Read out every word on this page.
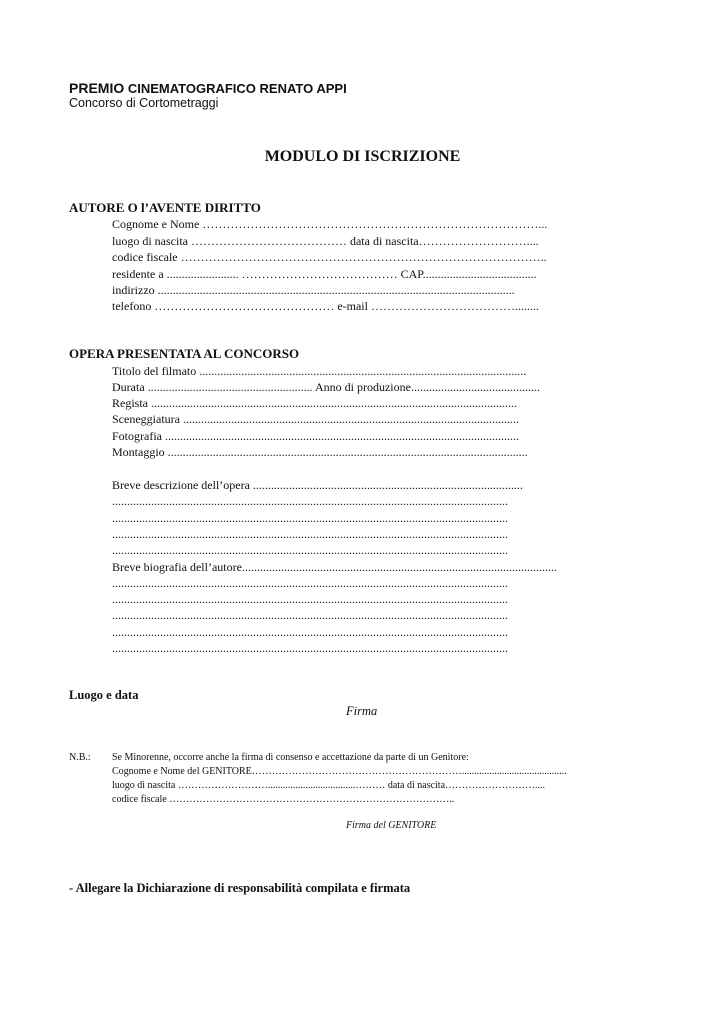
PREMIO CINEMATOGRAFICO RENATO APPI
Concorso di Cortometraggi
MODULO DI ISCRIZIONE
AUTORE O l’AVENTE DIRITTO
Cognome e Nome …………………………………………………………………………...
luogo di nascita ………………………………… data di nascita………………………....
codice fiscale ………………………………………………………………………………..
residente a ........................ ………………………………… CAP......................................
indirizzo .......................................................................................................................
telefono ……………………………………… e-mail ………………………………........
OPERA PRESENTATA AL CONCORSO
Titolo del filmato .............................................................................................................
Durata ....................................................... Anno di produzione...........................................
Regista ..........................................................................................................................
Sceneggiatura ................................................................................................................
Fotografia ......................................................................................................................
Montaggio ........................................................................................................................
Breve descrizione dell’opera ..........................................................................................
....................................................................................................................................
....................................................................................................................................
....................................................................................................................................
....................................................................................................................................
Breve biografia dell’autore.........................................................................................................
....................................................................................................................................
....................................................................................................................................
....................................................................................................................................
....................................................................................................................................
....................................................................................................................................
Luogo e data
Firma
N.B.: Se Minorenne, occorre anche la firma di consenso e accettazione da parte di un Genitore:
Cognome e Nome del GENITORE………………………………………………………..........................................
luogo di nascita ………………………...................................……… data di nascita………………………....
codice fiscale …………………………………………………………………………..
Firma del GENITORE
- Allegare la Dichiarazione di responsabilità compilata e firmata
